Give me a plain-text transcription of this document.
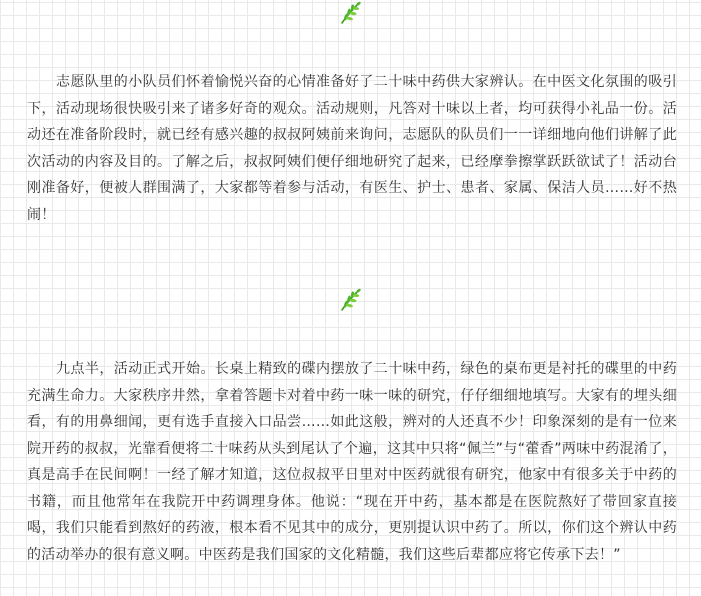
志愿队里的小队员们怀着愉悦兴奋的心情准备好了二十味中药供大家辨认。在中医文化氛围的吸引下，活动现场很快吸引来了诸多好奇的观众。活动规则，凡答对十味以上者，均可获得小礼品一份。活动还在准备阶段时，就已经有感兴趣的叔叔阿姨前来询问，志愿队的队员们一一详细地向他们讲解了此次活动的内容及目的。了解之后，叔叔阿姨们便仔细地研究了起来，已经摩拳擦掌跃跃欲试了！活动台刚准备好，便被人群围满了，大家都等着参与活动，有医生、护士、患者、家属、保洁人员……好不热闹！

九点半，活动正式开始。长桌上精致的碟内摆放了二十味中药，绿色的桌布更是衬托的碟里的中药充满生命力。大家秩序井然，拿着答题卡对着中药一味一味的研究，仔仔细细地填写。大家有的埋头细看，有的用鼻细闻，更有选手直接入口品尝……如此这般，辨对的人还真不少！印象深刻的是有一位来院开药的叔叔，光靠看便将二十味药从头到尾认了个遍，这其中只将“佩兰”与“藿香”两味中药混淆了，真是高手在民间啊！一经了解才知道，这位叔叔平日里对中医药就很有研究，他家中有很多关于中药的书籍，而且他常年在我院开中药调理身体。他说：“现在开中药，基本都是在医院熬好了带回家直接喝，我们只能看到熬好的药液，根本看不见其中的成分，更别提认识中药了。所以，你们这个辨认中药的活动举办的很有意义啊。中医药是我们国家的文化精髓，我们这些后辈都应将它传承下去！”
